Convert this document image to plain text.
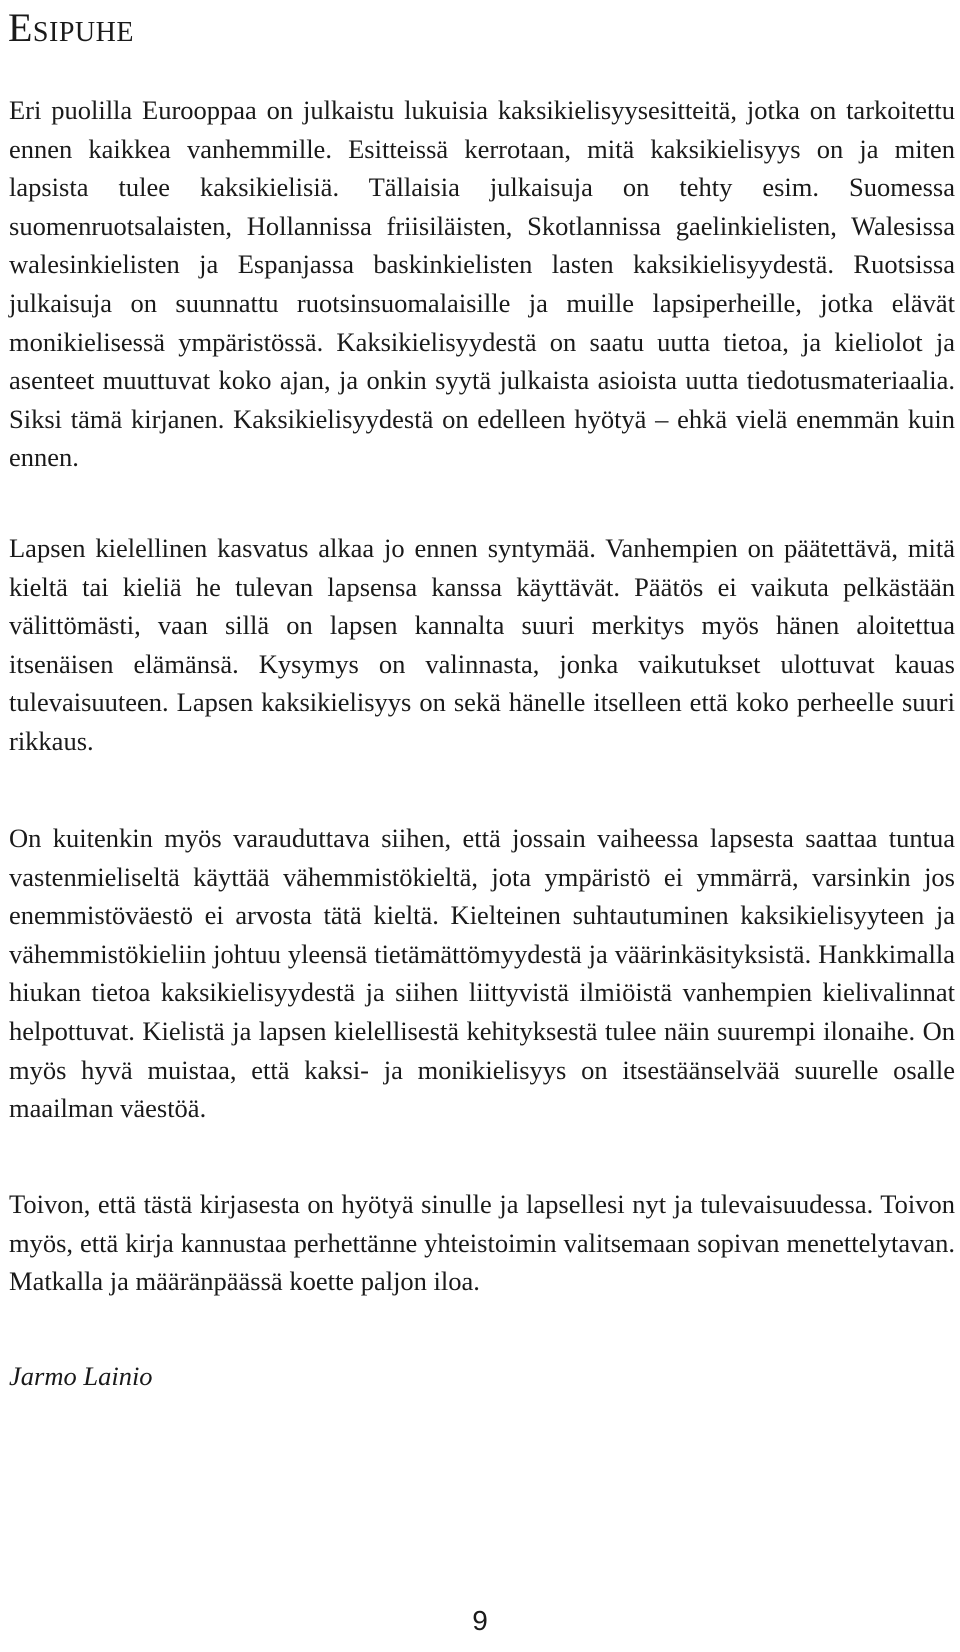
Esipuhe

Eri puolilla Eurooppaa on julkaistu lukuisia kaksikielisyysesitteitä, jotka on tarkoitettu ennen kaikkea vanhemmille. Esitteissä kerrotaan, mitä kaksikielisyys on ja miten lapsista tulee kaksikielisiä. Tällaisia julkaisuja on tehty esim. Suomessa suomenruotsalaisten, Hollannissa friisiläisten, Skotlannissa gaelinkielisten, Walesissa walesinkielisten ja Espanjassa baskinkielisten lasten kaksikielisyydestä. Ruotsissa julkaisuja on suunnattu ruotsinsuomalaisille ja muille lapsiperheille, jotka elävät monikielisessä ympäristössä. Kaksikielisyydestä on saatu uutta tietoa, ja kieliolot ja asenteet muuttuvat koko ajan, ja onkin syytä julkaista asioista uutta tiedotusmateriaalia. Siksi tämä kirjanen. Kaksikielisyydestä on edelleen hyötyä – ehkä vielä enemmän kuin ennen.

Lapsen kielellinen kasvatus alkaa jo ennen syntymää. Vanhempien on päätettävä, mitä kieltä tai kieliä he tulevan lapsensa kanssa käyttävät. Päätös ei vaikuta pelkästään välittömästi, vaan sillä on lapsen kannalta suuri merkitys myös hänen aloitettua itsenäisen elämänsä. Kysymys on valinnasta, jonka vaikutukset ulottuvat kauas tulevaisuuteen. Lapsen kaksikielisyys on sekä hänelle itselleen että koko perheelle suuri rikkaus.

On kuitenkin myös varauduttava siihen, että jossain vaiheessa lapsesta saattaa tuntua vastenmieliseltä käyttää vähemmistökieltä, jota ympäristö ei ymmärrä, varsinkin jos enemmistöväestö ei arvosta tätä kieltä. Kielteinen suhtautuminen kaksikielisyyteen ja vähemmistökieliin johtuu yleensä tietämättömyydestä ja väärinkäsityksistä. Hankkimalla hiukan tietoa kaksikielisyydestä ja siihen liittyvistä ilmiöistä vanhempien kielivalinnat helpottuvat. Kielistä ja lapsen kielellisestä kehityksestä tulee näin suurempi ilonaihe. On myös hyvä muistaa, että kaksi- ja monikielisyys on itsestäänselvää suurelle osalle maailman väestöä.

Toivon, että tästä kirjasesta on hyötyä sinulle ja lapsellesi nyt ja tulevaisuudessa. Toivon myös, että kirja kannustaa perhettänne yhteistoimin valitsemaan sopivan menettelytavan. Matkalla ja määränpäässä koette paljon iloa.

Jarmo Lainio

9
